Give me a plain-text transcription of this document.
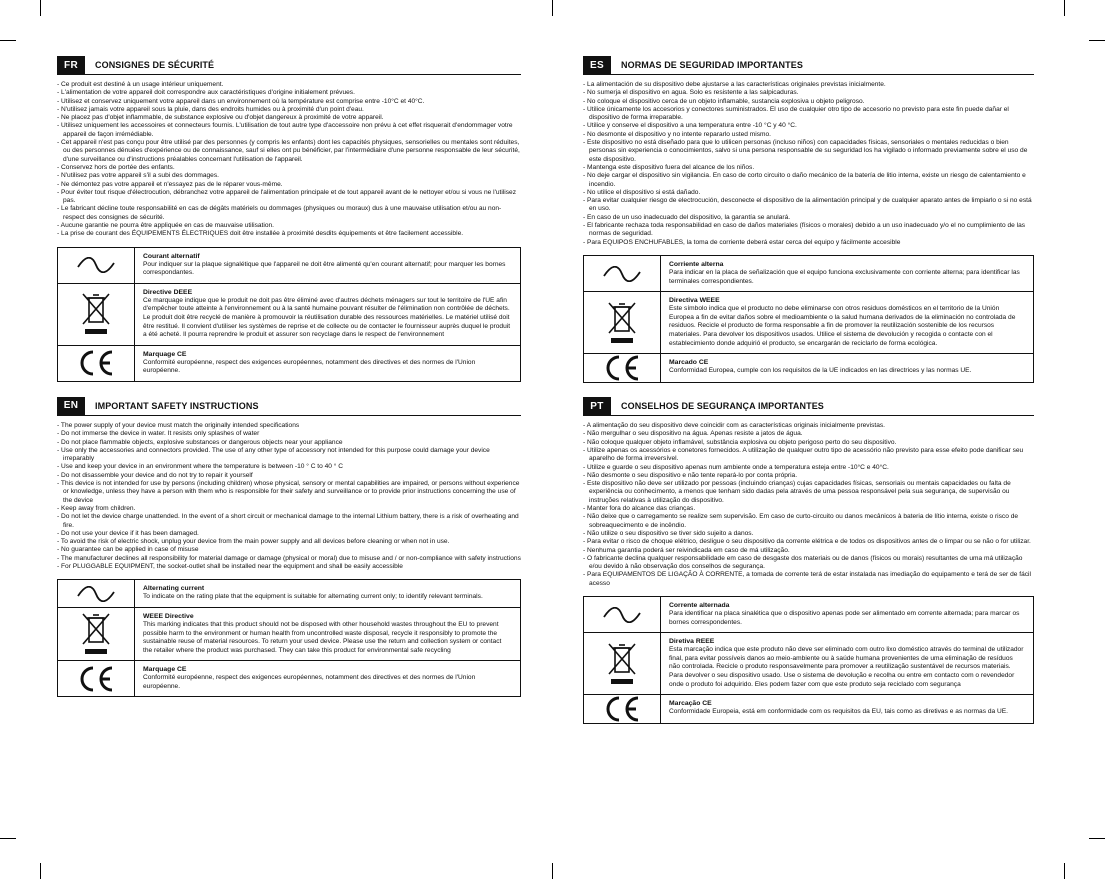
FR	CONSIGNES DE SÉCURITÉ
- Ce produit est destiné à un usage intérieur uniquement.
- L'alimentation de votre appareil doit correspondre aux caractéristiques d'origine initialement prévues.
- Utilisez et conservez uniquement votre appareil dans un environnement où la température est comprise entre -10°C et 40°C.
- N'utilisez jamais votre appareil sous la pluie, dans des endroits humides ou à proximité d'un point d'eau.
- Ne placez pas d'objet inflammable, de substance explosive ou d'objet dangereux à proximité de votre appareil.
- Utilisez uniquement les accessoires et connecteurs fournis. L'utilisation de tout autre type d'accessoire non prévu à cet effet risquerait d'endommager votre appareil de façon irrémédiable.
- Cet appareil n'est pas conçu pour être utilisé par des personnes (y compris les enfants) dont les capacités physiques, sensorielles ou mentales sont réduites, ou des personnes dénuées d'expérience ou de connaissance, sauf si elles ont pu bénéficier, par l'intermédiaire d'une personne responsable de leur sécurité, d'une surveillance ou d'instructions préalables concernant l'utilisation de l'appareil.
- Conservez hors de portée des enfants.
- N'utilisez pas votre appareil s'il a subi des dommages.
- Ne démontez pas votre appareil et n'essayez pas de le réparer vous-même.
- Pour éviter tout risque d'électrocution, débranchez votre appareil de l'alimentation principale et de tout appareil avant de le nettoyer et/ou si vous ne l'utilisez pas.
- Le fabricant décline toute responsabilité en cas de dégâts matériels ou dommages (physiques ou moraux) dus à une mauvaise utilisation et/ou au non-respect des consignes de sécurité.
- Aucune garantie ne pourra être appliquée en cas de mauvaise utilisation.
- La prise de courant des ÉQUIPEMENTS ÉLECTRIQUES doit être installée à proximité desdits équipements et être facilement accessible.
Courant alternatif
Pour indiquer sur la plaque signalétique que l'appareil ne doit être alimenté qu'en courant alternatif; pour marquer les bornes correspondantes.
Directive DEEE
Ce marquage indique que le produit ne doit pas être éliminé avec d'autres déchets ménagers sur tout le territoire de l'UE afin d'empêcher toute atteinte à l'environnement ou à la santé humaine pouvant résulter de l'élimination non contrôlée de déchets. Le produit doit être recyclé de manière à promouvoir la réutilisation durable des ressources matérielles. Le matériel utilisé doit être restitué. Il convient d'utiliser les systèmes de reprise et de collecte ou de contacter le fournisseur auprès duquel le produit a été acheté. Il pourra reprendre le produit et assurer son recyclage dans le respect de l'environnement
Marquage CE
Conformité européenne, respect des exigences européennes, notamment des directives et des normes de l'Union européenne.
EN	IMPORTANT SAFETY INSTRUCTIONS
- The power supply of your device must match the originally intended specifications
- Do not immerse the device in water. It resists only splashes of water
- Do not place flammable objects, explosive substances or dangerous objects near your appliance
- Use only the accessories and connectors provided. The use of any other type of accessory not intended for this purpose could damage your device irreparably
- Use and keep your device in an environment where the temperature is between -10 ° C to 40 ° C
- Do not disassemble your device and do not try to repair it yourself
- This device is not intended for use by persons (including children) whose physical, sensory or mental capabilities are impaired, or persons without experience or knowledge, unless they have a person with them who is responsible for their safety and surveillance or to provide prior instructions concerning the use of the device
- Keep away from children.
- Do not let the device charge unattended. In the event of a short circuit or mechanical damage to the internal Lithium battery, there is a risk of overheating and fire.
- Do not use your device if it has been damaged.
- To avoid the risk of electric shock, unplug your device from the main power supply and all devices before cleaning or when not in use.
- No guarantee can be applied in case of misuse
- The manufacturer declines all responsibility for material damage or damage (physical or moral) due to misuse and / or non-compliance with safety instructions
- For PLUGGABLE EQUIPMENT, the socket-outlet shall be installed near the equipment and shall be easily accessible
Alternating current
To indicate on the rating plate that the equipment is suitable for alternating current only; to identify relevant terminals.
WEEE Directive
This marking indicates that this product should not be disposed with other household wastes throughout the EU to prevent possible harm to the environment or human health from uncontrolled waste disposal, recycle it responsibly to promote the sustainable reuse of material resources. To return your used device. Please use the return and collection system or contact the retailer where the product was purchased. They can take this product for environmental safe recycling
Marquage CE
Conformité européenne, respect des exigences européennes, notamment des directives et des normes de l'Union européenne.
ES	NORMAS DE SEGURIDAD IMPORTANTES
- La alimentación de su dispositivo debe ajustarse a las características originales previstas inicialmente.
- No sumerja el dispositivo en agua. Solo es resistente a las salpicaduras.
- No coloque el dispositivo cerca de un objeto inflamable, sustancia explosiva u objeto peligroso.
- Utilice únicamente los accesorios y conectores suministrados. El uso de cualquier otro tipo de accesorio no previsto para este fin puede dañar el dispositivo de forma irreparable.
- Utilice y conserve el dispositivo a una temperatura entre -10 °C y 40 °C.
- No desmonte el dispositivo y no intente repararlo usted mismo.
- Este dispositivo no está diseñado para que lo utilicen personas (incluso niños) con capacidades físicas, sensoriales o mentales reducidas o bien personas sin experiencia o conocimientos, salvo si una persona responsable de su seguridad los ha vigilado o informado previamente sobre el uso de este dispositivo.
- Mantenga este dispositivo fuera del alcance de los niños.
- No deje cargar el dispositivo sin vigilancia. En caso de corto circuito o daño mecánico de la batería de litio interna, existe un riesgo de calentamiento e incendio.
- No utilice el dispositivo si está dañado.
- Para evitar cualquier riesgo de electrocución, desconecte el dispositivo de la alimentación principal y de cualquier aparato antes de limpiarlo o si no está en uso.
- En caso de un uso inadecuado del dispositivo, la garantía se anulará.
- El fabricante rechaza toda responsabilidad en caso de daños materiales (físicos o morales) debido a un uso inadecuado y/o el no cumplimiento de las normas de seguridad.
- Para EQUIPOS ENCHUFABLES, la toma de corriente deberá estar cerca del equipo y fácilmente accesible
Corriente alterna
Para indicar en la placa de señalización que el equipo funciona exclusivamente con corriente alterna; para identificar las terminales correspondientes.
Directiva WEEE
Este símbolo indica que el producto no debe eliminarse con otros residuos domésticos en el territorio de la Unión Europea a fin de evitar daños sobre el medioambiente o la salud humana derivados de la eliminación no controlada de residuos. Recicle el producto de forma responsable a fin de promover la reutilización sostenible de los recursos materiales. Para devolver los dispositivos usados. Utilice el sistema de devolución y recogida o contacte con el establecimiento donde adquirió el producto, se encargarán de reciclarlo de forma ecológica.
Marcado CE
Conformidad Europea, cumple con los requisitos de la UE indicados en las directrices y las normas UE.
PT	CONSELHOS DE SEGURANÇA IMPORTANTES
- A alimentação do seu dispositivo deve coincidir com as características originais inicialmente previstas.
- Não mergulhar o seu dispositivo na água. Apenas resiste a jatos de água.
- Não coloque qualquer objeto inflamável, substância explosiva ou objeto perigoso perto do seu dispositivo.
- Utilize apenas os acessórios e conetores fornecidos. A utilização de qualquer outro tipo de acessório não previsto para esse efeito pode danificar seu aparelho de forma irreversível.
- Utilize e guarde o seu dispositivo apenas num ambiente onde a temperatura esteja entre -10°C e 40°C.
- Não desmonte o seu dispositivo e não tente repará-lo por conta própria.
- Este dispositivo não deve ser utilizado por pessoas (incluindo crianças) cujas capacidades físicas, sensoriais ou mentais capacidades ou falta de experiência ou conhecimento, a menos que tenham sido dadas pela através de uma pessoa responsável pela sua segurança, de supervisão ou instruções relativas à utilização do dispositivo.
- Manter fora do alcance das crianças.
- Não deixe que o carregamento se realize sem supervisão. Em caso de curto-circuito ou danos mecânicos à bateria de lítio interna, existe o risco de sobreaquecimento e de incêndio.
- Não utilize o seu dispositivo se tiver sido sujeito a danos.
- Para evitar o risco de choque elétrico, desligue o seu dispositivo da corrente elétrica e de todos os dispositivos antes de o limpar ou se não o for utilizar.
- Nenhuma garantia poderá ser reivindicada em caso de má utilização.
- O fabricante declina qualquer responsabilidade em caso de desgaste dos materiais ou de danos (físicos ou morais) resultantes de uma má utilização e/ou devido à não observação dos conselhos de segurança.
- Para EQUIPAMENTOS DE LIGAÇÃO À CORRENTE, a tomada de corrente terá de estar instalada nas imediação do equipamento e terá de ser de fácil acesso
Corrente alternada
Para identificar na placa sinalética que o dispositivo apenas pode ser alimentado em corrente alternada; para marcar os bornes correspondentes.
Diretiva REEE
Esta marcação indica que este produto não deve ser eliminado com outro lixo doméstico através do terminal de utilizador final, para evitar possíveis danos ao meio-ambiente ou à saúde humana provenientes de uma eliminação de resíduos não controlada. Recicle o produto responsavelmente para promover a reutilização sustentável de recursos materiais. Para devolver o seu dispositivo usado. Use o sistema de devolução e recolha ou entre em contacto com o revendedor onde o produto foi adquirido. Eles podem fazer com que este produto seja reciclado com segurança
Marcação CE
Conformidade Europeia, está em conformidade com os requisitos da EU, tais como as diretivas e as normas da UE.
